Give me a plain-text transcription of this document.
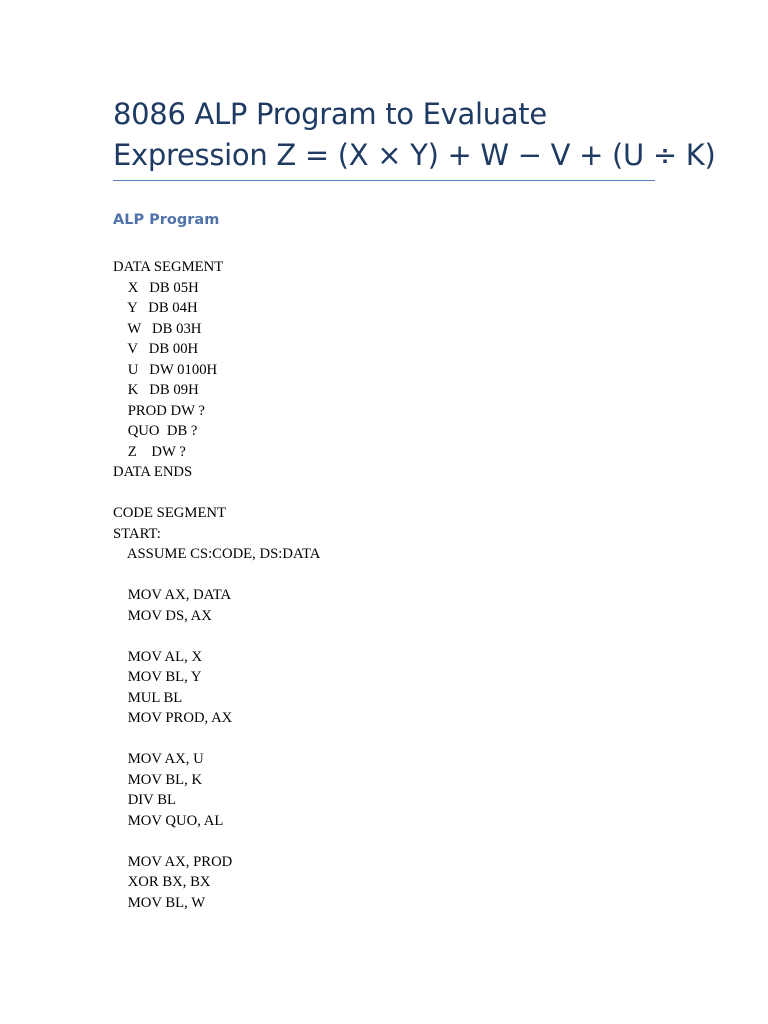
8086 ALP Program to Evaluate
Expression Z = (X × Y) + W − V + (U ÷ K)
ALP Program
DATA SEGMENT
X   DB 05H
Y   DB 04H
W   DB 03H
V   DB 00H
U   DW 0100H
K   DB 09H
PROD DW ?
QUO  DB ?
Z    DW ?
DATA ENDS
CODE SEGMENT
START:
ASSUME CS:CODE, DS:DATA
MOV AX, DATA
MOV DS, AX
MOV AL, X
MOV BL, Y
MUL BL
MOV PROD, AX
MOV AX, U
MOV BL, K
DIV BL
MOV QUO, AL
MOV AX, PROD
XOR BX, BX
MOV BL, W
